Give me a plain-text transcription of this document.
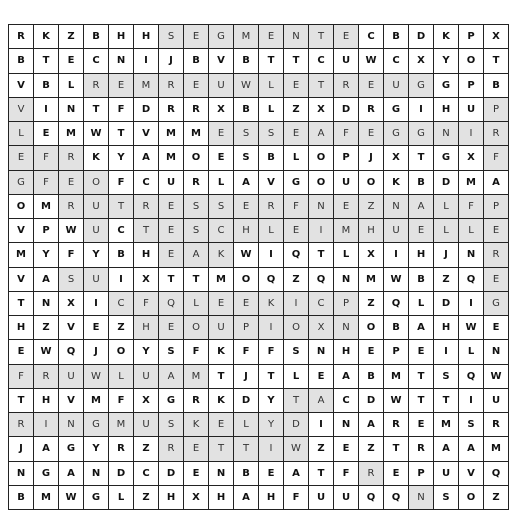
R	K	Z	B	H	H	S	E	G	M	E	N	T	E	C	B	D	K	P	X
B	T	E	C	N	I	J	B	V	B	T	T	C	U	W	C	X	Y	O	T
V	B	L	R	E	M	R	E	U	W	L	E	T	R	E	U	G	G	P	B
V	I	N	T	F	D	R	R	X	B	L	Z	X	D	R	G	I	H	U	P
L	E	M	W	T	V	M	M	E	S	S	E	A	F	E	G	G	N	I	R
E	F	R	K	Y	A	M	O	E	S	B	L	O	P	J	X	T	G	X	F
G	F	E	O	F	C	U	R	L	A	V	G	O	U	O	K	B	D	M	A
O	M	R	U	T	R	E	S	S	E	R	F	N	E	Z	N	A	L	F	P
V	P	W	U	C	T	E	S	C	H	L	E	I	M	H	U	E	L	L	E
M	Y	F	Y	B	H	E	A	K	W	I	Q	T	L	X	I	H	J	N	R
V	A	S	U	I	X	T	T	M	O	Q	Z	Q	N	M	W	B	Z	Q	E
T	N	X	I	C	F	Q	L	E	E	K	I	C	P	Z	Q	L	D	I	G
H	Z	V	E	Z	H	E	O	U	P	I	O	X	N	O	B	A	H	W	E
E	W	Q	J	O	Y	S	F	K	F	F	S	N	H	E	P	E	I	L	N
F	R	U	W	L	U	A	M	T	J	T	L	E	A	B	M	T	S	Q	W
T	H	V	M	F	X	G	R	K	D	Y	T	A	C	D	W	T	T	I	U
R	I	N	G	M	U	S	K	E	L	Y	D	I	N	A	R	E	M	S	R
J	A	G	Y	R	Z	R	E	T	T	I	W	Z	E	Z	T	R	A	A	M
N	G	A	N	D	C	D	E	N	B	E	A	T	F	R	E	P	U	V	Q
B	M	W	G	L	Z	H	X	H	A	H	F	U	U	Q	Q	N	S	O	Z
